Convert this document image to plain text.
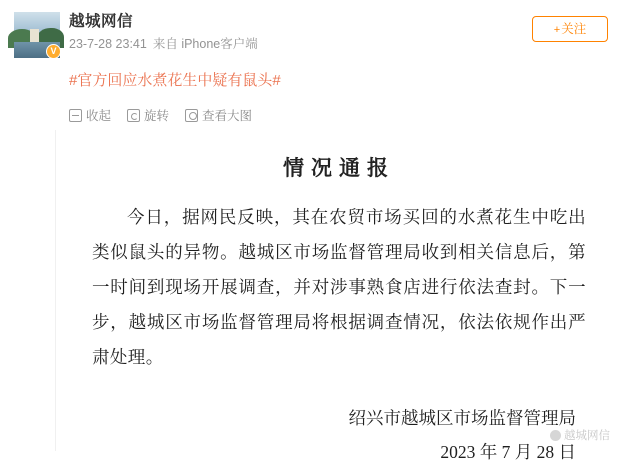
V
越城网信
23-7-28 23:41 来自 iPhone客户端
+关注
#官方回应水煮花生中疑有鼠头#
收起	旋转	查看大图
情况通报
今日，据网民反映，其在农贸市场买回的水煮花生中吃出类似鼠头的异物。越城区市场监督管理局收到相关信息后，第一时间到现场开展调查，并对涉事熟食店进行依法查封。下一步，越城区市场监督管理局将根据调查情况，依法依规作出严肃处理。
绍兴市越城区市场监督管理局
2023 年 7 月 28 日
越城网信
